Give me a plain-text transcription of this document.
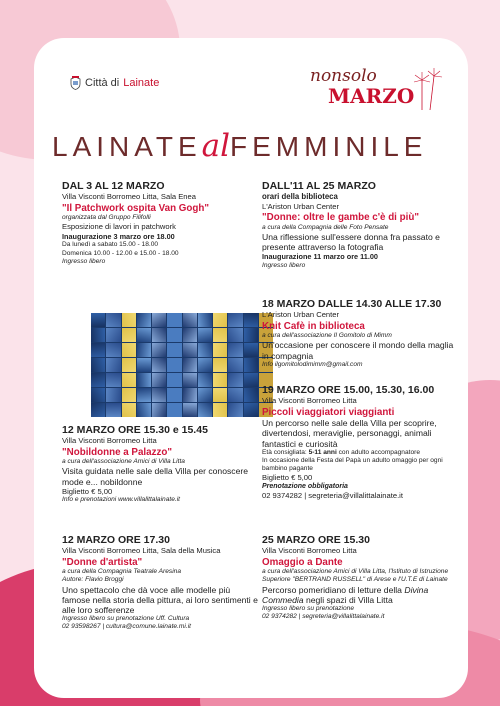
Città di Lainate	nonsolo
MARZO
LAINATEalFEMMINILE
DAL 3 AL 12 MARZO
Villa Visconti Borromeo Litta, Sala Enea
"Il Patchwork ospita Van Gogh"
organizzata dal Gruppo Filifolli
Esposizione di lavori in patchwork
Inaugurazione 3 marzo ore 18.00
Da lunedì a sabato 15.00 - 18.00
Domenica 10.00 - 12.00 e 15.00 - 18.00
Ingresso libero
12 MARZO ORE 15.30 e 15.45
Villa Visconti Borromeo Litta
"Nobildonne a Palazzo"
a cura dell'associazione Amici di Villa Litta
Visita guidata nelle sale della Villa per conoscere mode e... nobildonne
Biglietto € 5,00
Info e prenotazioni www.villalittalainate.it
12 MARZO ORE 17.30
Villa Visconti Borromeo Litta, Sala della Musica
"Donne d'artista"
a cura della Compagnia Teatrale Aresina
Autore: Flavio Broggi
Uno spettacolo che dà voce alle modelle più famose nella storia della pittura, ai loro sentimenti e alle loro sofferenze
Ingresso libero su prenotazione Uff. Cultura
02 93598267 | cultura@comune.lainate.mi.it
DALL'11 AL 25 MARZO
orari della biblioteca
L'Ariston Urban Center
"Donne: oltre le gambe c'è di più"
a cura della Compagnia delle Foto Pensate
Una riflessione sull'essere donna fra passato e presente attraverso la fotografia
Inaugurazione 11 marzo ore 11.00
Ingresso libero
18 MARZO DALLE 14.30 ALLE 17.30
L'Ariston Urban Center
Knit Cafè in biblioteca
a cura dell'associazione Il Gomitolo di Mimm
Un'occasione per conoscere il mondo della maglia in compagnia
Info ilgomitolodimimm@gmail.com
19 MARZO ORE 15.00, 15.30, 16.00
Villa Visconti Borromeo Litta
Piccoli viaggiatori viaggianti
Un percorso nelle sale della Villa per scoprire, divertendosi, meraviglie, personaggi, animali fantastici e curiosità
Età consigliata: 5-11 anni con adulto accompagnatore
In occasione della Festa del Papà un adulto omaggio per ogni bambino pagante
Biglietto € 5,00
Prenotazione obbligatoria
02 9374282 | segreteria@villalittalainate.it
25 MARZO ORE 15.30
Villa Visconti Borromeo Litta
Omaggio a Dante
a cura dell'associazione Amici di Villa Litta, l'Istituto di Istruzione Superiore "BERTRAND RUSSELL" di Arese e l'U.T.E di Lainate
Percorso pomeridiano di letture della Divina Commedia negli spazi di Villa Litta
Ingresso libero su prenotazione
02 9374282 | segreteria@villalittalainate.it
